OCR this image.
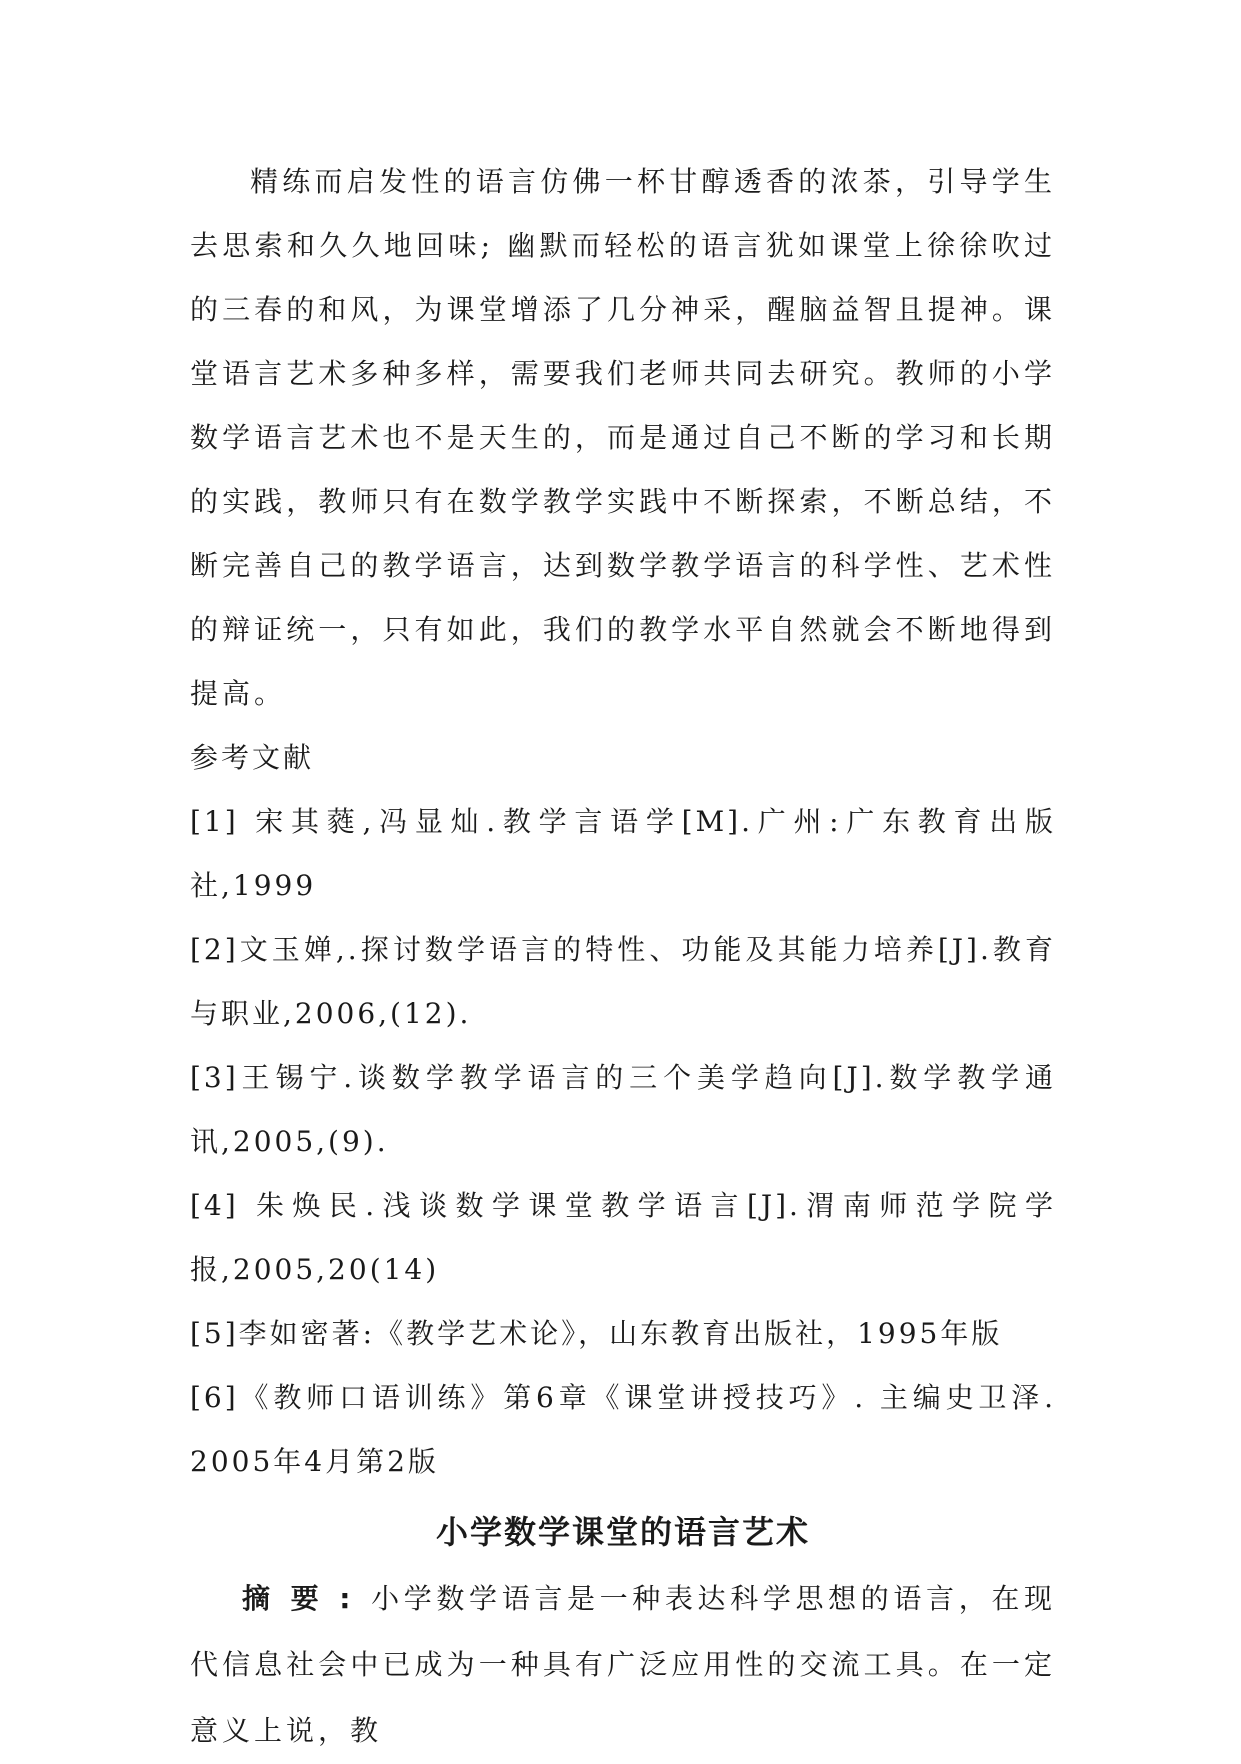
精练而启发性的语言仿佛一杯甘醇透香的浓茶，引导学生去思索和久久地回味; 幽默而轻松的语言犹如课堂上徐徐吹过的三春的和风，为课堂增添了几分神采，醒脑益智且提神。课堂语言艺术多种多样，需要我们老师共同去研究。教师的小学数学语言艺术也不是天生的，而是通过自己不断的学习和长期的实践，教师只有在数学教学实践中不断探索，不断总结，不断完善自己的教学语言，达到数学教学语言的科学性、艺术性的辩证统一，只有如此，我们的教学水平自然就会不断地得到提高。

参考文献

[1] 宋其蕤,冯显灿.教学言语学[M].广州:广东教育出版社,1999

[2]文玉婵,.探讨数学语言的特性、功能及其能力培养[J].教育与职业,2006,(12).

[3]王锡宁.谈数学教学语言的三个美学趋向[J].数学教学通讯,2005,(9).

[4] 朱焕民.浅谈数学课堂教学语言[J].渭南师范学院学报,2005,20(14)

[5]李如密著:《教学艺术论》，山东教育出版社，1995年版

[6]《教师口语训练》第6章《课堂讲授技巧》. 主编史卫泽. 2005年4月第2版

小学数学课堂的语言艺术

摘要:小学数学语言是一种表达科学思想的语言，在现代信息社会中已成为一种具有广泛应用性的交流工具。在一定意义上说，教
